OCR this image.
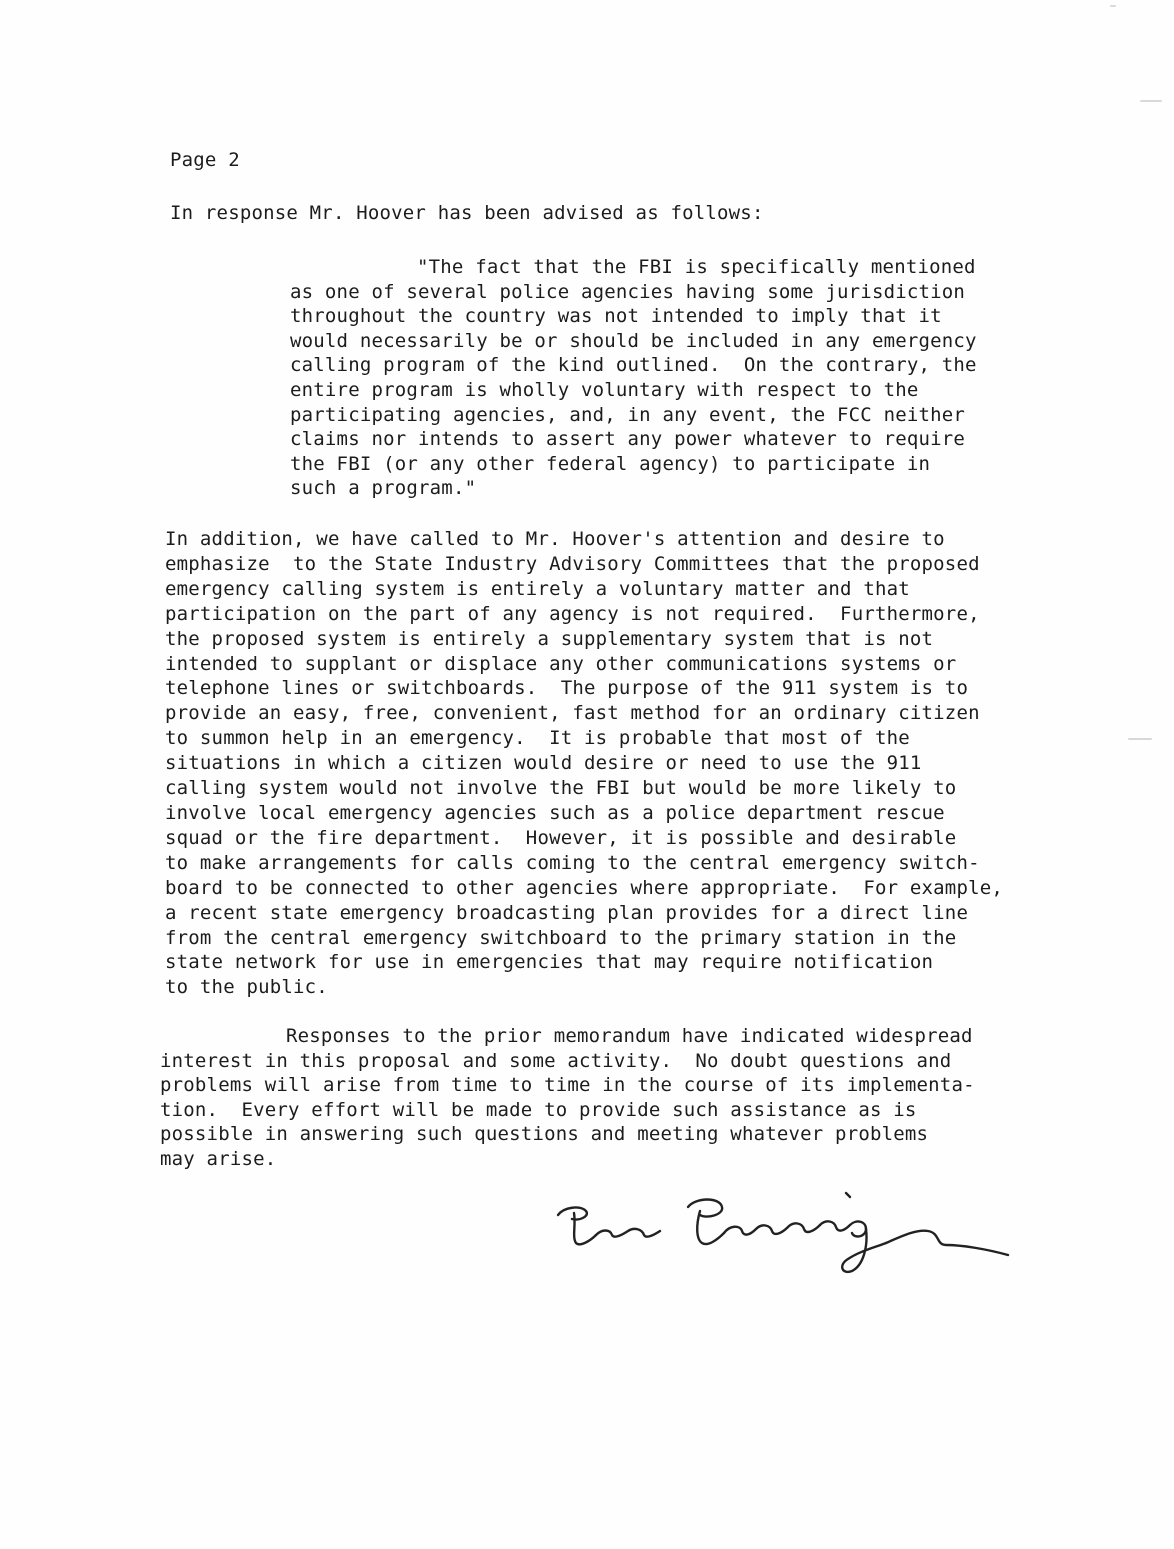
Page 2
In response Mr. Hoover has been advised as follows:
"The fact that the FBI is specifically mentioned
as one of several police agencies having some jurisdiction
throughout the country was not intended to imply that it
would necessarily be or should be included in any emergency
calling program of the kind outlined.  On the contrary, the
entire program is wholly voluntary with respect to the
participating agencies, and, in any event, the FCC neither
claims nor intends to assert any power whatever to require
the FBI (or any other federal agency) to participate in
such a program."
In addition, we have called to Mr. Hoover's attention and desire to
emphasize  to the State Industry Advisory Committees that the proposed
emergency calling system is entirely a voluntary matter and that
participation on the part of any agency is not required.  Furthermore,
the proposed system is entirely a supplementary system that is not
intended to supplant or displace any other communications systems or
telephone lines or switchboards.  The purpose of the 911 system is to
provide an easy, free, convenient, fast method for an ordinary citizen
to summon help in an emergency.  It is probable that most of the
situations in which a citizen would desire or need to use the 911
calling system would not involve the FBI but would be more likely to
involve local emergency agencies such as a police department rescue
squad or the fire department.  However, it is possible and desirable
to make arrangements for calls coming to the central emergency switch-
board to be connected to other agencies where appropriate.  For example,
a recent state emergency broadcasting plan provides for a direct line
from the central emergency switchboard to the primary station in the
state network for use in emergencies that may require notification
to the public.
Responses to the prior memorandum have indicated widespread
interest in this proposal and some activity.  No doubt questions and
problems will arise from time to time in the course of its implementa-
tion.  Every effort will be made to provide such assistance as is
possible in answering such questions and meeting whatever problems
may arise.
